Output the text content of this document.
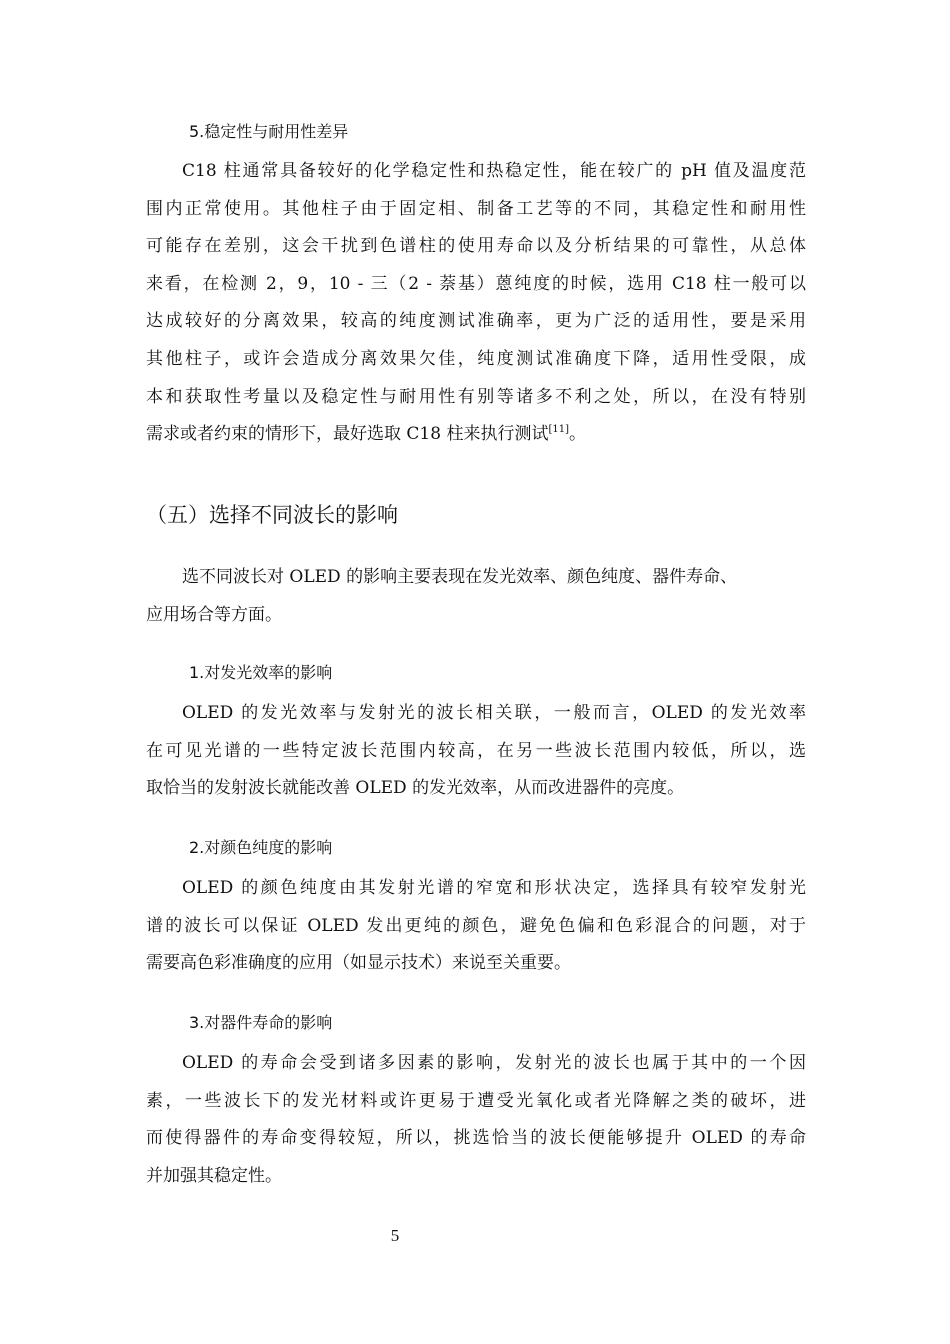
5.稳定性与耐用性差异
C18 柱通常具备较好的化学稳定性和热稳定性，能在较广的 pH 值及温度范
围内正常使用。其他柱子由于固定相、制备工艺等的不同，其稳定性和耐用性
可能存在差别，这会干扰到色谱柱的使用寿命以及分析结果的可靠性，从总体
来看，在检测 2，9，10 - 三（2 - 萘基）蒽纯度的时候，选用 C18 柱一般可以
达成较好的分离效果，较高的纯度测试准确率，更为广泛的适用性，要是采用
其他柱子，或许会造成分离效果欠佳，纯度测试准确度下降，适用性受限，成
本和获取性考量以及稳定性与耐用性有别等诸多不利之处，所以，在没有特别
需求或者约束的情形下，最好选取 C18 柱来执行测试[11]。
（五）选择不同波长的影响
选不同波长对 OLED 的影响主要表现在发光效率、颜色纯度、器件寿命、
应用场合等方面。
1.对发光效率的影响
OLED 的发光效率与发射光的波长相关联，一般而言，OLED 的发光效率
在可见光谱的一些特定波长范围内较高，在另一些波长范围内较低，所以，选
取恰当的发射波长就能改善 OLED 的发光效率，从而改进器件的亮度。
2.对颜色纯度的影响
OLED 的颜色纯度由其发射光谱的窄宽和形状决定，选择具有较窄发射光
谱的波长可以保证 OLED 发出更纯的颜色，避免色偏和色彩混合的问题，对于
需要高色彩准确度的应用（如显示技术）来说至关重要。
3.对器件寿命的影响
OLED 的寿命会受到诸多因素的影响，发射光的波长也属于其中的一个因
素，一些波长下的发光材料或许更易于遭受光氧化或者光降解之类的破坏，进
而使得器件的寿命变得较短，所以，挑选恰当的波长便能够提升 OLED 的寿命
并加强其稳定性。
5
